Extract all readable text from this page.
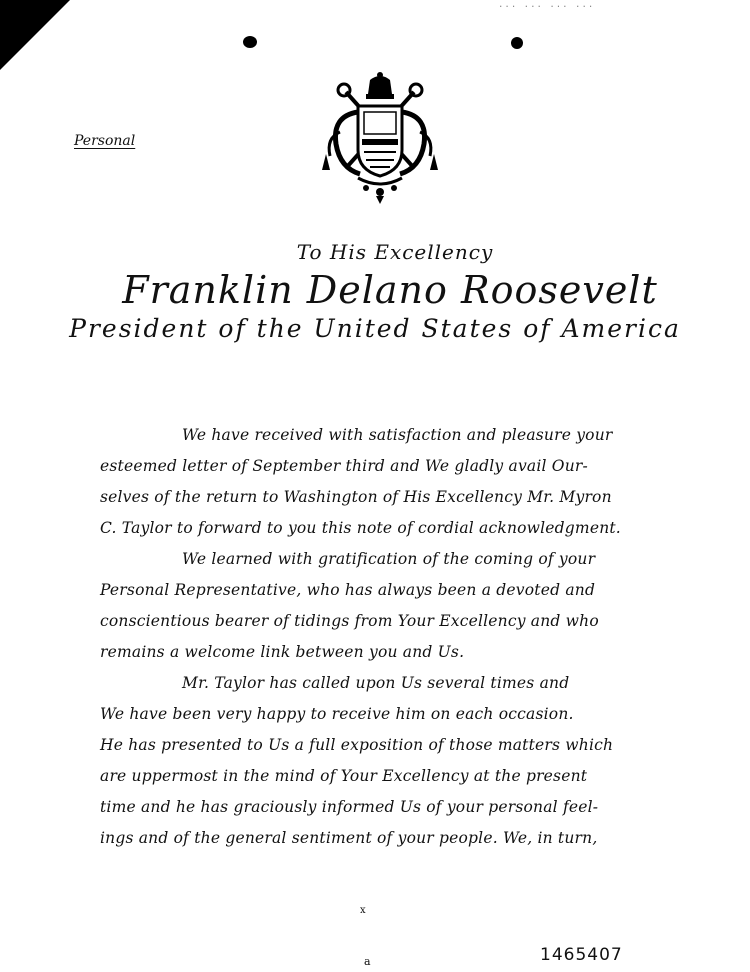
... ... ... ...
Personal
To His Excellency
Franklin Delano Roosevelt
President of the United States of America
We have received with satisfaction and pleasure your
esteemed letter of September third and We gladly avail Our-
selves of the return to Washington of His Excellency Mr. Myron
C. Taylor to forward to you this note of cordial acknowledgment.
We learned with gratification of the coming of your
Personal Representative, who has always been a devoted and
conscientious bearer of tidings from Your Excellency and who
remains a welcome link between you and Us.
Mr. Taylor has called upon Us several times and
We have been very happy to receive him on each occasion.
He has presented to Us a full exposition of those matters which
are uppermost in the mind of Your Excellency at the present
time and he has graciously informed Us of your personal feel-
ings and of the general sentiment of your people. We, in turn,
x
a	1465407
